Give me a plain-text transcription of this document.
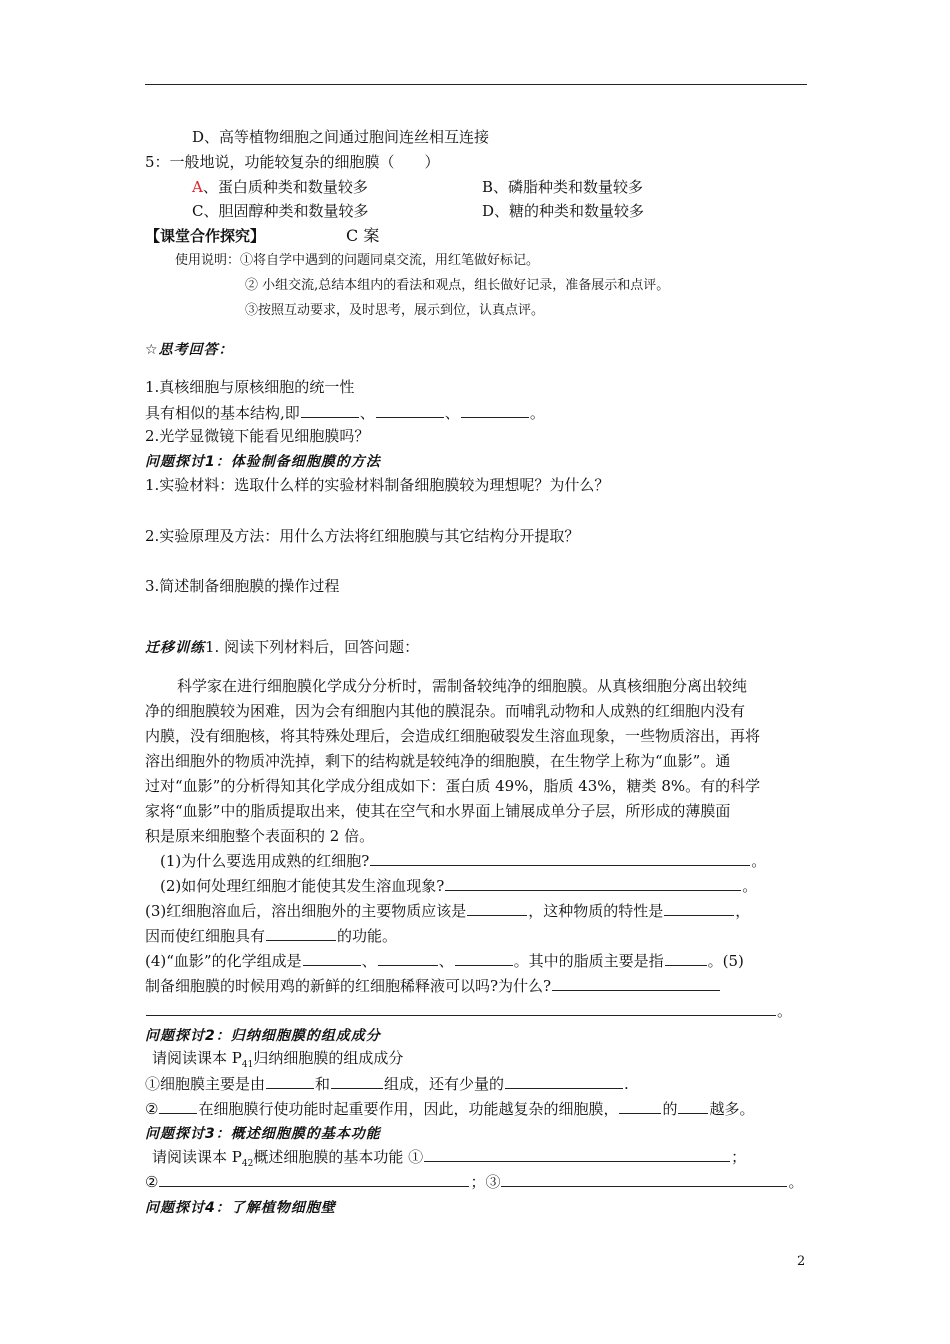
D、高等植物细胞之间通过胞间连丝相互连接
5：一般地说，功能较复杂的细胞膜（　　）
A、蛋白质种类和数量较多	B、磷脂种类和数量较多
C、胆固醇种类和数量较多	D、糖的种类和数量较多
【课堂合作探究】	C 案
使用说明：①将自学中遇到的问题同桌交流，用红笔做好标记。
② 小组交流,总结本组内的看法和观点，组长做好记录，准备展示和点评。
③按照互动要求，及时思考，展示到位，认真点评。
☆思考回答：
1.真核细胞与原核细胞的统一性
具有相似的基本结构,即	、	、	。
2.光学显微镜下能看见细胞膜吗？
问题探讨1：体验制备细胞膜的方法
1.实验材料：选取什么样的实验材料制备细胞膜较为理想呢？为什么？
2.实验原理及方法：用什么方法将红细胞膜与其它结构分开提取？
3.简述制备细胞膜的操作过程
迁移训练1. 阅读下列材料后，回答问题：
科学家在进行细胞膜化学成分分析时，需制备较纯净的细胞膜。从真核细胞分离出较纯
净的细胞膜较为困难，因为会有细胞内其他的膜混杂。而哺乳动物和人成熟的红细胞内没有
内膜，没有细胞核，将其特殊处理后，会造成红细胞破裂发生溶血现象，一些物质溶出，再将
溶出细胞外的物质冲洗掉，剩下的结构就是较纯净的细胞膜，在生物学上称为“血影”。通
过对“血影”的分析得知其化学成分组成如下：蛋白质 49%，脂质 43%，糖类 8%。有的科学
家将“血影”中的脂质提取出来，使其在空气和水界面上铺展成单分子层，所形成的薄膜面
积是原来细胞整个表面积的 2 倍。
(1)为什么要选用成熟的红细胞?	。
(2)如何处理红细胞才能使其发生溶血现象?	。
(3)红细胞溶血后，溶出细胞外的主要物质应该是	，这种物质的特性是	，
因而使红细胞具有	的功能。
(4)“血影”的化学组成是	、	、	。其中的脂质主要是指	。(5)
制备细胞膜的时候用鸡的新鲜的红细胞稀释液可以吗?为什么?
。
问题探讨2：归纳细胞膜的组成成分
请阅读课本 $P_{41}$归纳细胞膜的组成成分
①细胞膜主要是由	和	组成，还有少量的	.
②	在细胞膜行使功能时起重要作用，因此，功能越复杂的细胞膜，	的 越多。
问题探讨3：概述细胞膜的基本功能
请阅读课本 $P_{42}$概述细胞膜的基本功能 ①	；
②	；③	。
问题探讨4：了解植物细胞壁
2
